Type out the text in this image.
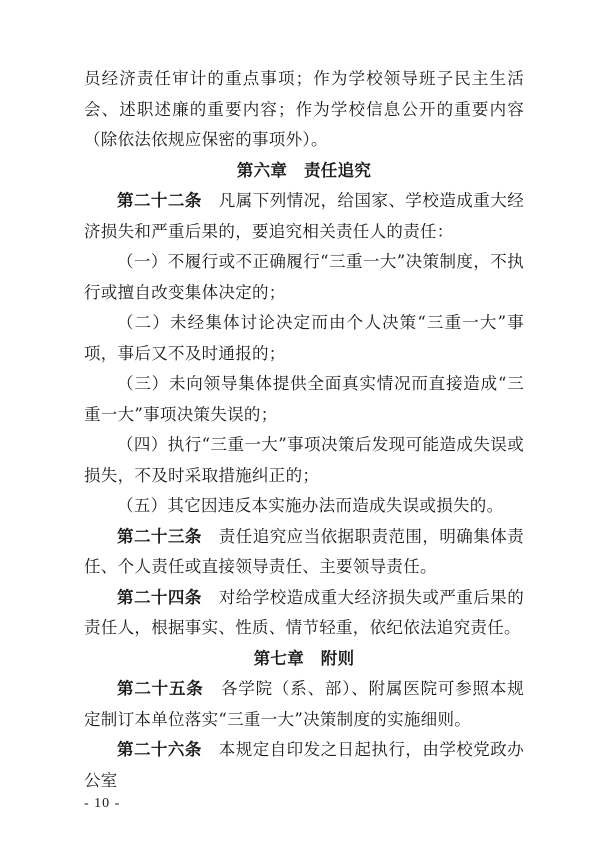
员经济责任审计的重点事项；作为学校领导班子民主生活会、述职述廉的重要内容；作为学校信息公开的重要内容（除依法依规应保密的事项外）。

第六章　责任追究

第二十二条  凡属下列情况，给国家、学校造成重大经济损失和严重后果的，要追究相关责任人的责任：

（一）不履行或不正确履行“三重一大”决策制度，不执行或擅自改变集体决定的；

（二）未经集体讨论决定而由个人决策“三重一大”事项，事后又不及时通报的；

（三）未向领导集体提供全面真实情况而直接造成“三重一大”事项决策失误的；

（四）执行“三重一大”事项决策后发现可能造成失误或损失，不及时采取措施纠正的；

（五）其它因违反本实施办法而造成失误或损失的。

第二十三条  责任追究应当依据职责范围，明确集体责任、个人责任或直接领导责任、主要领导责任。

第二十四条  对给学校造成重大经济损失或严重后果的责任人，根据事实、性质、情节轻重，依纪依法追究责任。

第七章　附则

第二十五条  各学院（系、部）、附属医院可参照本规定制订本单位落实“三重一大”决策制度的实施细则。

第二十六条  本规定自印发之日起执行，由学校党政办公室

- 10 -
